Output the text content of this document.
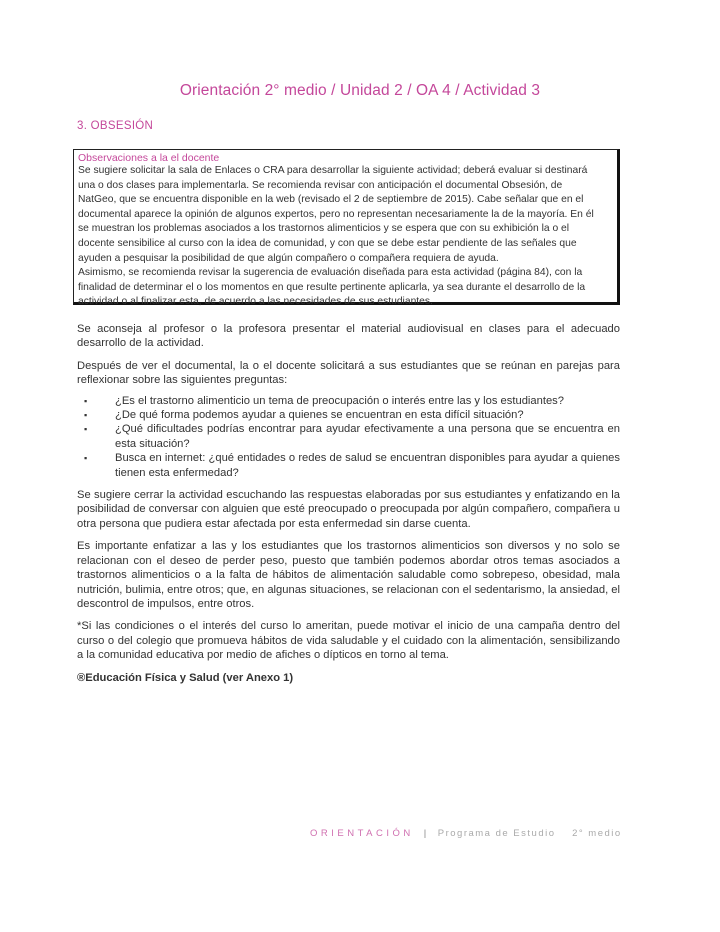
Orientación 2° medio / Unidad 2 / OA 4 / Actividad 3
3. OBSESIÓN
Observaciones a la el docente

Se sugiere solicitar la sala de Enlaces o CRA para desarrollar la siguiente actividad; deberá evaluar si destinará

una o dos clases para implementarla. Se recomienda revisar con anticipación el documental Obsesión, de

NatGeo, que se encuentra disponible en la web (revisado el 2 de septiembre de 2015). Cabe señalar que en el

documental aparece la opinión de algunos expertos, pero no representan necesariamente la de la mayoría. En él

se muestran los problemas asociados a los trastornos alimenticios y se espera que con su exhibición la o el

docente sensibilice al curso con la idea de comunidad, y con que se debe estar pendiente de las señales que

ayuden a pesquisar la posibilidad de que algún compañero o compañera requiera de ayuda.

Asimismo, se recomienda revisar la sugerencia de evaluación diseñada para esta actividad (página 84), con la

finalidad de determinar el o los momentos en que resulte pertinente aplicarla, ya sea durante el desarrollo de la

actividad o al finalizar esta, de acuerdo a las necesidades de sus estudiantes.

Se aconseja al profesor o la profesora presentar el material audiovisual en clases para el adecuado desarrollo de la actividad.

Después de ver el documental, la o el docente solicitará a sus estudiantes que se reúnan en parejas para reflexionar sobre las siguientes preguntas:

▪ ¿Es el trastorno alimenticio un tema de preocupación o interés entre las y los estudiantes?
▪ ¿De qué forma podemos ayudar a quienes se encuentran en esta difícil situación?
▪ ¿Qué dificultades podrías encontrar para ayudar efectivamente a una persona que se encuentra en esta situación?
▪ Busca en internet: ¿qué entidades o redes de salud se encuentran disponibles para ayudar a quienes tienen esta enfermedad?

Se sugiere cerrar la actividad escuchando las respuestas elaboradas por sus estudiantes y enfatizando en la posibilidad de conversar con alguien que esté preocupado o preocupada por algún compañero, compañera u otra persona que pudiera estar afectada por esta enfermedad sin darse cuenta.

Es importante enfatizar a las y los estudiantes que los trastornos alimenticios son diversos y no solo se relacionan con el deseo de perder peso, puesto que también podemos abordar otros temas asociados a trastornos alimenticios o a la falta de hábitos de alimentación saludable como sobrepeso, obesidad, mala nutrición, bulimia, entre otros; que, en algunas situaciones, se relacionan con el sedentarismo, la ansiedad, el descontrol de impulsos, entre otros.

*Si las condiciones o el interés del curso lo ameritan, puede motivar el inicio de una campaña dentro del curso o del colegio que promueva hábitos de vida saludable y el cuidado con la alimentación, sensibilizando a la comunidad educativa por medio de afiches o dípticos en torno al tema.

®Educación Física y Salud (ver Anexo 1)
ORIENTACIÓN | Programa de Estudio 2° medio
